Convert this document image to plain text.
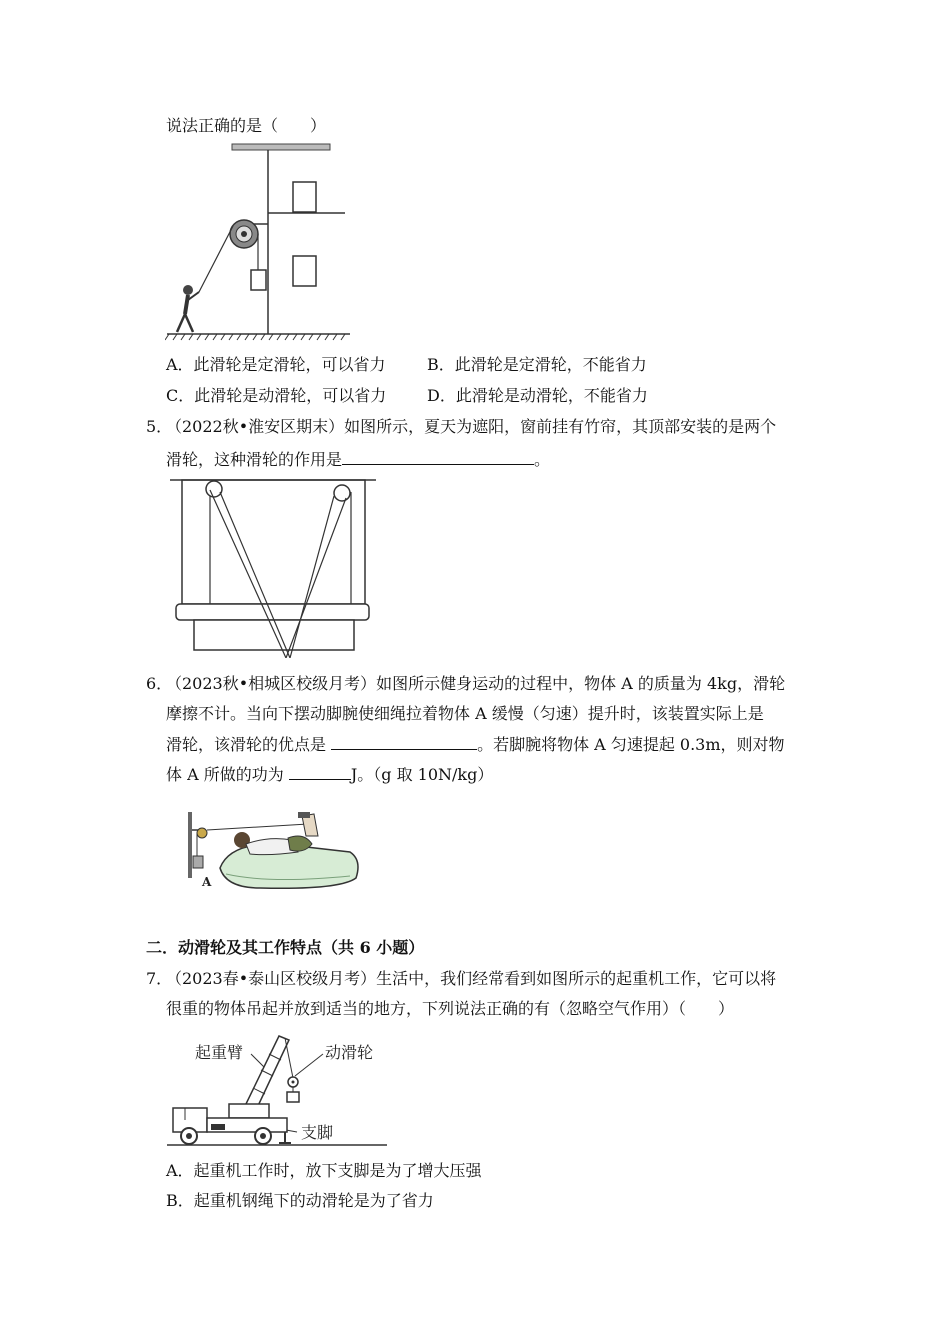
说法正确的是（　　）
A．此滑轮是定滑轮，可以省力	B．此滑轮是定滑轮，不能省力
C．此滑轮是动滑轮，可以省力	D．此滑轮是动滑轮，不能省力
5．
（2022秋•淮安区期末）如图所示，夏天为遮阳，窗前挂有竹帘，其顶部安装的是两个
滑轮，这种滑轮的作用是	。
6．
（2023秋•相城区校级月考）如图所示健身运动的过程中，物体 A 的质量为 4kg，滑轮
摩擦不计。当向下摆动脚腕使细绳拉着物体 A 缓慢（匀速）提升时，该装置实际上是
滑轮，该滑轮的优点是	。若脚腕将物体 A 匀速提起 0.3m，则对物
体 A 所做的功为	J。（g 取 10N/kg）
A
二．动滑轮及其工作特点（共 6 小题）
7．
（2023春•泰山区校级月考）生活中，我们经常看到如图所示的起重机工作，它可以将
很重的物体吊起并放到适当的地方，下列说法正确的有（忽略空气作用）（　　）
起重臂	动滑轮
支脚
A．起重机工作时，放下支脚是为了增大压强
B．起重机钢绳下的动滑轮是为了省力
